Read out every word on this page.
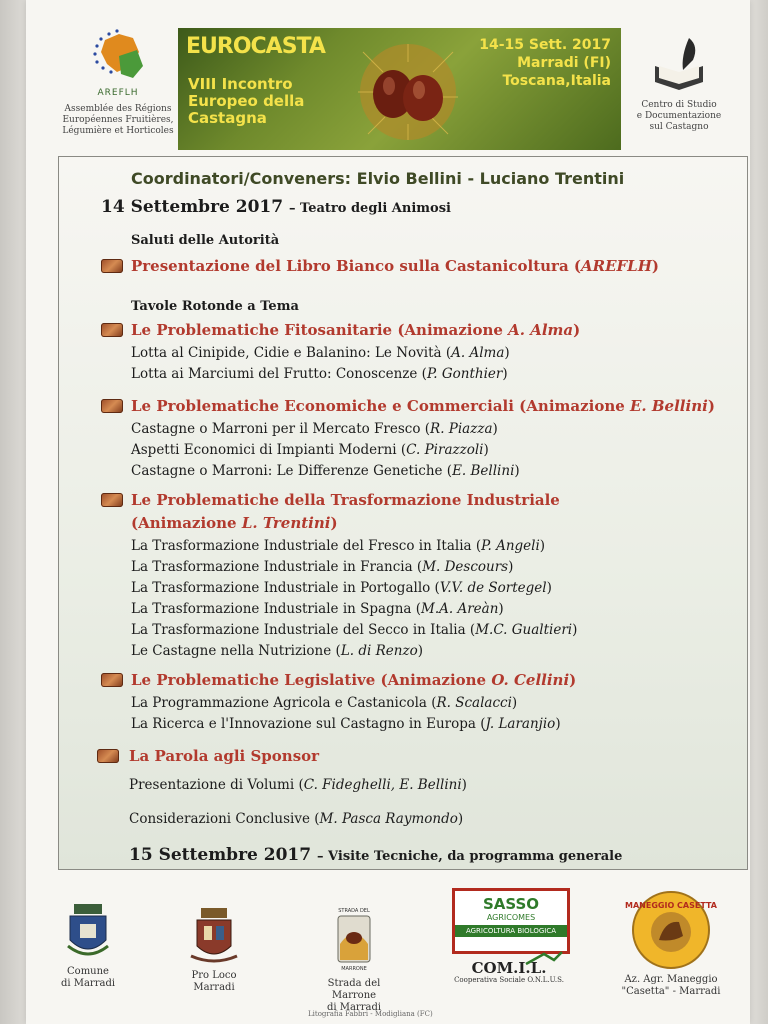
AREFLH
Assemblée des Régions
Européennes Fruitières,
Légumière et Horticoles
EUROCASTA
VIII Incontro
Europeo della
Castagna
14-15 Sett. 2017
Marradi (FI)
Toscana,Italia
Centro di Studio
e Documentazione
sul Castagno
Coordinatori/Conveners: Elvio Bellini - Luciano Trentini
14 Settembre 2017 – Teatro degli Animosi
Saluti delle Autorità
Presentazione del Libro Bianco sulla Castanicoltura (AREFLH)
Tavole Rotonde a Tema
Le Problematiche Fitosanitarie (Animazione A. Alma)
Lotta al Cinipide, Cidie e Balanino: Le Novità (A. Alma)
Lotta ai Marciumi del Frutto: Conoscenze (P. Gonthier)
Le Problematiche Economiche e Commerciali (Animazione E. Bellini)
Castagne o Marroni per il Mercato Fresco (R. Piazza)
Aspetti Economici di Impianti Moderni (C. Pirazzoli)
Castagne o Marroni: Le Differenze Genetiche (E. Bellini)
Le Problematiche della Trasformazione Industriale
(Animazione L. Trentini)
La Trasformazione Industriale del Fresco in Italia (P. Angeli)
La Trasformazione Industriale in Francia (M. Descours)
La Trasformazione Industriale in Portogallo (V.V. de Sortegel)
La Trasformazione Industriale in Spagna (M.A. Areàn)
La Trasformazione Industriale del Secco in Italia (M.C. Gualtieri)
Le Castagne nella Nutrizione (L. di Renzo)
Le Problematiche Legislative (Animazione O. Cellini)
La Programmazione Agricola e Castanicola (R. Scalacci)
La Ricerca e l'Innovazione sul Castagno in Europa (J. Laranjio)
La Parola agli Sponsor
Presentazione di Volumi (C. Fideghelli, E. Bellini)
Considerazioni Conclusive (M. Pasca Raymondo)
15 Settembre 2017 – Visite Tecniche, da programma generale
Comune
di Marradi
Pro Loco
Marradi
STRADA DEL
MARRONE
Strada del Marrone
di Marradi
SASSO
AGRICOMES
AGRICOLTURA BIOLOGICA
COM.I.L.
Cooperativa Sociale O.N.L.U.S.
MANEGGIO CASETTA
Az. Agr. Maneggio
"Casetta" - Marradi
Litografia Fabbri - Modigliana (FC)
